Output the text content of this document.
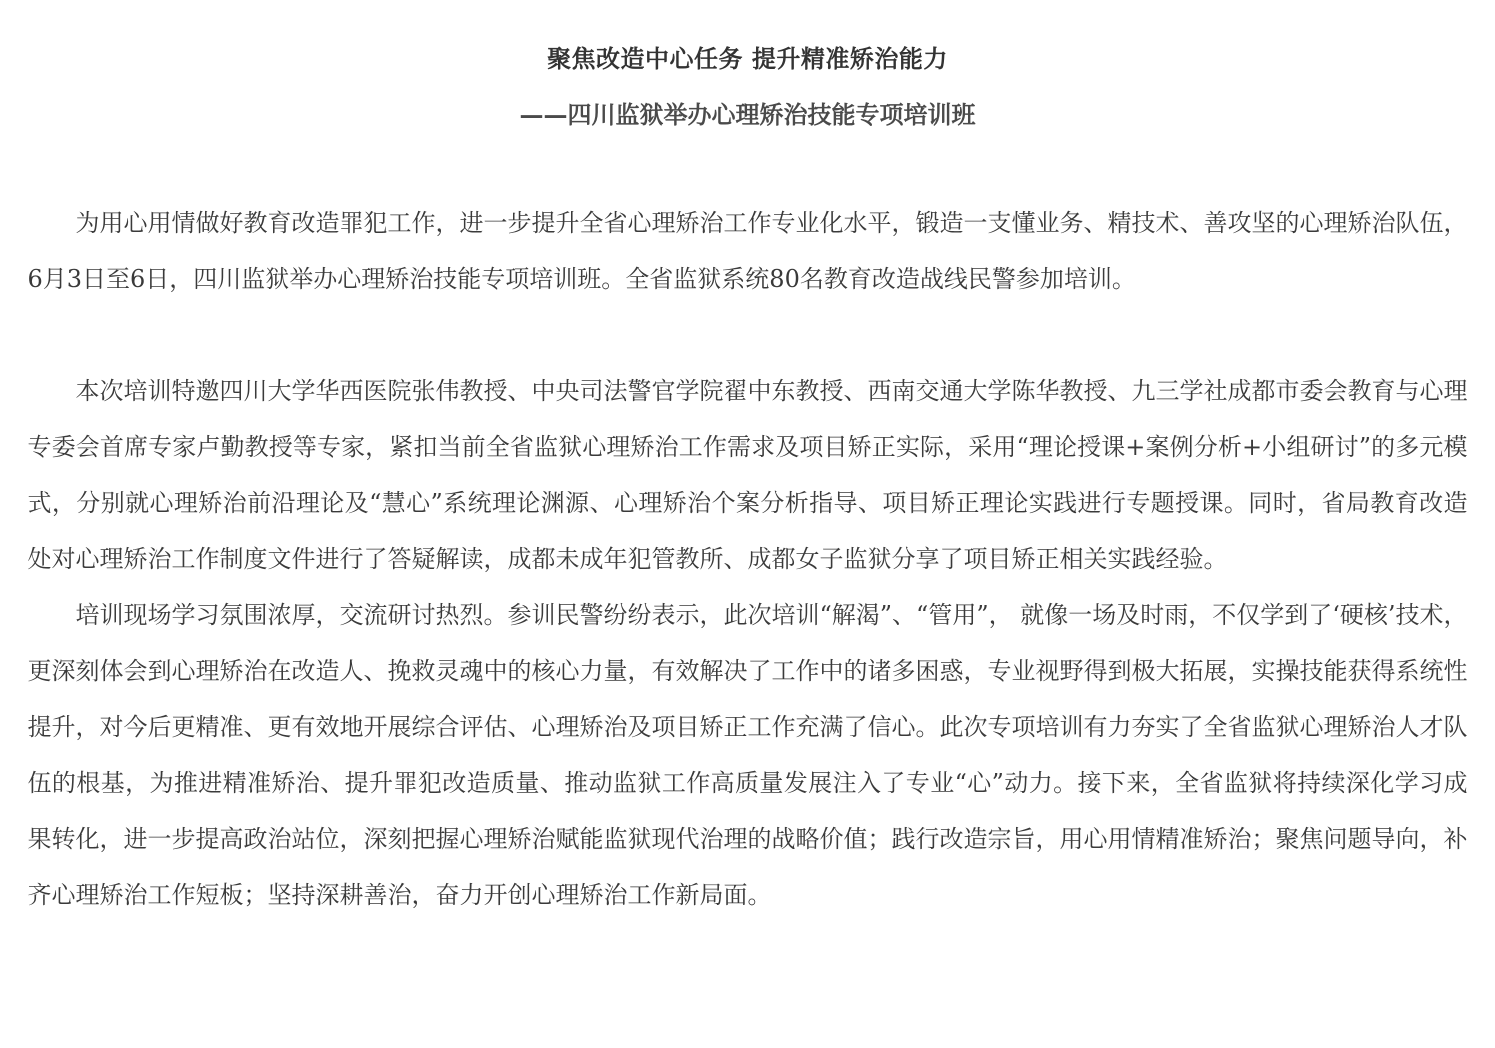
聚焦改造中心任务 提升精准矫治能力
——四川监狱举办心理矫治技能专项培训班

为用心用情做好教育改造罪犯工作，进一步提升全省心理矫治工作专业化水平，锻造一支懂业务、精技术、善攻坚的心理矫治队伍，6月3日至6日，四川监狱举办心理矫治技能专项培训班。全省监狱系统80名教育改造战线民警参加培训。

本次培训特邀四川大学华西医院张伟教授、中央司法警官学院翟中东教授、西南交通大学陈华教授、九三学社成都市委会教育与心理专委会首席专家卢勤教授等专家，紧扣当前全省监狱心理矫治工作需求及项目矫正实际，采用“理论授课+案例分析+小组研讨”的多元模式，分别就心理矫治前沿理论及“慧心”系统理论渊源、心理矫治个案分析指导、项目矫正理论实践进行专题授课。同时，省局教育改造处对心理矫治工作制度文件进行了答疑解读，成都未成年犯管教所、成都女子监狱分享了项目矫正相关实践经验。

培训现场学习氛围浓厚，交流研讨热烈。参训民警纷纷表示，此次培训“解渴”、“管用”， 就像一场及时雨，不仅学到了‘硬核’技术，更深刻体会到心理矫治在改造人、挽救灵魂中的核心力量，有效解决了工作中的诸多困惑，专业视野得到极大拓展，实操技能获得系统性提升，对今后更精准、更有效地开展综合评估、心理矫治及项目矫正工作充满了信心。此次专项培训有力夯实了全省监狱心理矫治人才队伍的根基，为推进精准矫治、提升罪犯改造质量、推动监狱工作高质量发展注入了专业“心”动力。接下来，全省监狱将持续深化学习成果转化，进一步提高政治站位，深刻把握心理矫治赋能监狱现代治理的战略价值；践行改造宗旨，用心用情精准矫治；聚焦问题导向，补齐心理矫治工作短板；坚持深耕善治，奋力开创心理矫治工作新局面。
